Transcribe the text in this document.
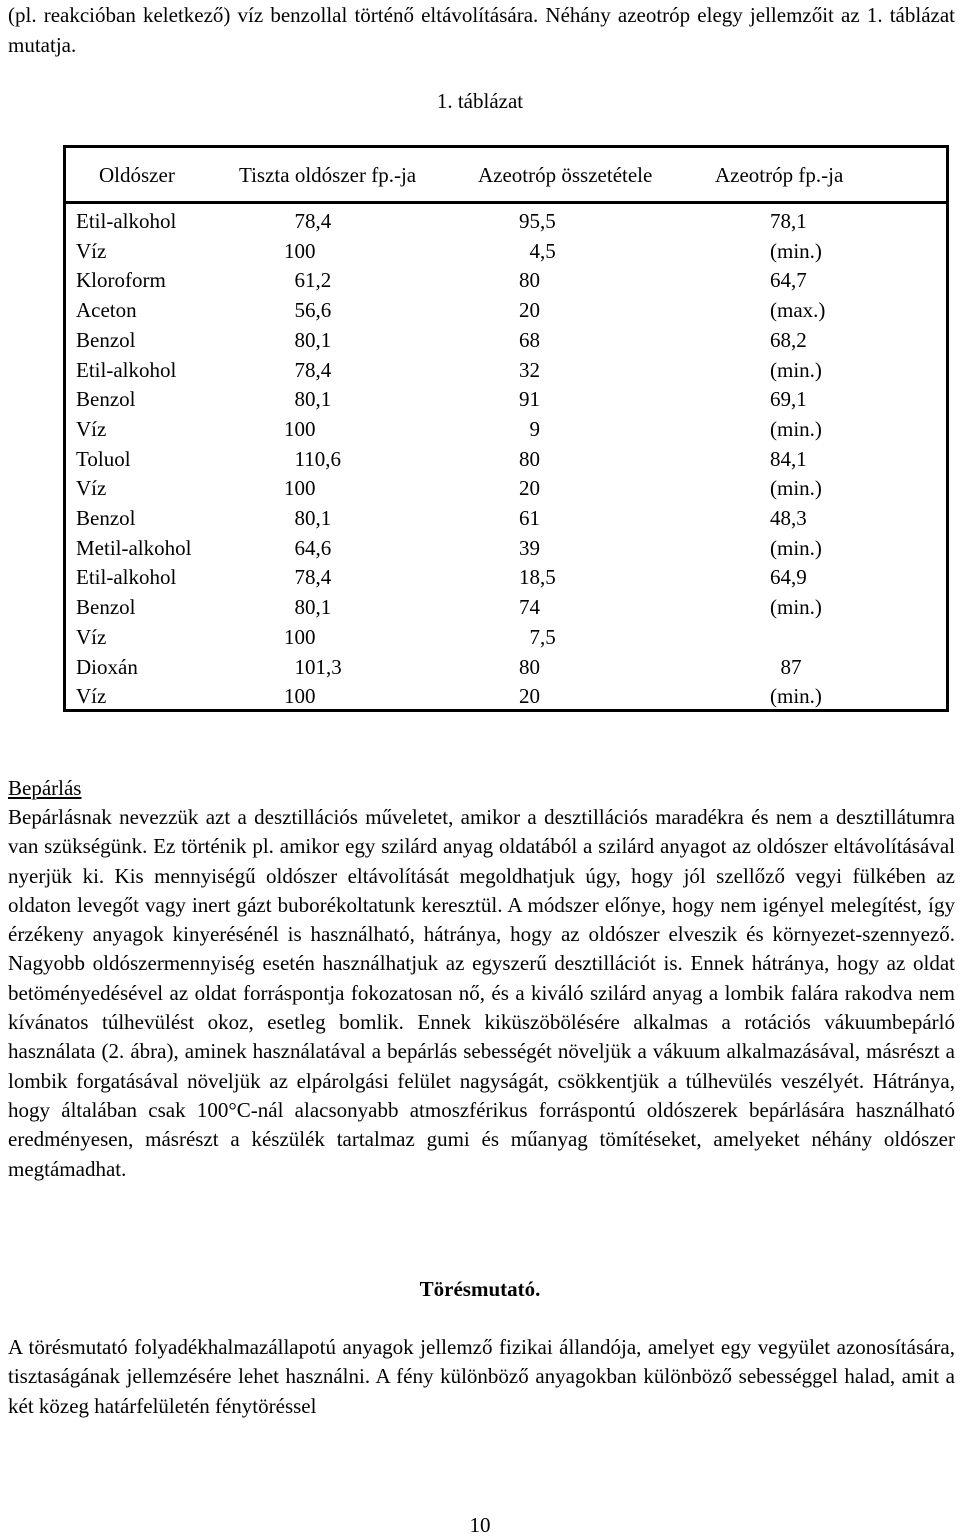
(pl. reakcióban keletkező) víz benzollal történő eltávolítására. Néhány azeotróp elegy jellemzőit az 1. táblázat mutatja.
1. táblázat
Oldószer	Tiszta oldószer fp.-ja	Azeotróp összetétele	Azeotróp fp.-ja
Etil-alkohol	78,4	95,5	78,1
Víz	100	4,5	(min.)
Kloroform	61,2	80	64,7
Aceton	56,6	20	(max.)
Benzol	80,1	68	68,2
Etil-alkohol	78,4	32	(min.)
Benzol	80,1	91	69,1
Víz	100	9	(min.)
Toluol	110,6	80	84,1
Víz	100	20	(min.)
Benzol	80,1	61	48,3
Metil-alkohol	64,6	39	(min.)
Etil-alkohol	78,4	18,5	64,9
Benzol	80,1	74	(min.)
Víz	100	7,5
Dioxán	101,3	80	87
Víz	100	20	(min.)
Bepárlás
Bepárlásnak nevezzük azt a desztillációs műveletet, amikor a desztillációs maradékra és nem a desztillátumra van szükségünk. Ez történik pl. amikor egy szilárd anyag oldatából a szilárd anyagot az oldószer eltávolításával nyerjük ki. Kis mennyiségű oldószer eltávolítását megoldhatjuk úgy, hogy jól szellőző vegyi fülkében az oldaton levegőt vagy inert gázt buborékoltatunk keresztül. A módszer előnye, hogy nem igényel melegítést, így érzékeny anyagok kinyerésénél is használható, hátránya, hogy az oldószer elveszik és környezet-szennyező. Nagyobb oldószermennyiség esetén használhatjuk az egyszerű desztillációt is. Ennek hátránya, hogy az oldat betöményedésével az oldat forráspontja fokozatosan nő, és a kiváló szilárd anyag a lombik falára rakodva nem kívánatos túlhevülést okoz, esetleg bomlik. Ennek kiküszöbölésére alkalmas a rotációs vákuumbepárló használata (2. ábra), aminek használatával a bepárlás sebességét növeljük a vákuum alkalmazásával, másrészt a lombik forgatásával növeljük az elpárolgási felület nagyságát, csökkentjük a túlhevülés veszélyét. Hátránya, hogy általában csak 100°C-nál alacsonyabb atmoszférikus forráspontú oldószerek bepárlására használható eredményesen, másrészt a készülék tartalmaz gumi és műanyag tömítéseket, amelyeket néhány oldószer megtámadhat.
Törésmutató.
A törésmutató folyadékhalmazállapotú anyagok jellemző fizikai állandója, amelyet egy vegyület azonosítására, tisztaságának jellemzésére lehet használni. A fény különböző anyagokban különböző sebességgel halad, amit a két közeg határfelületén fénytöréssel
10
